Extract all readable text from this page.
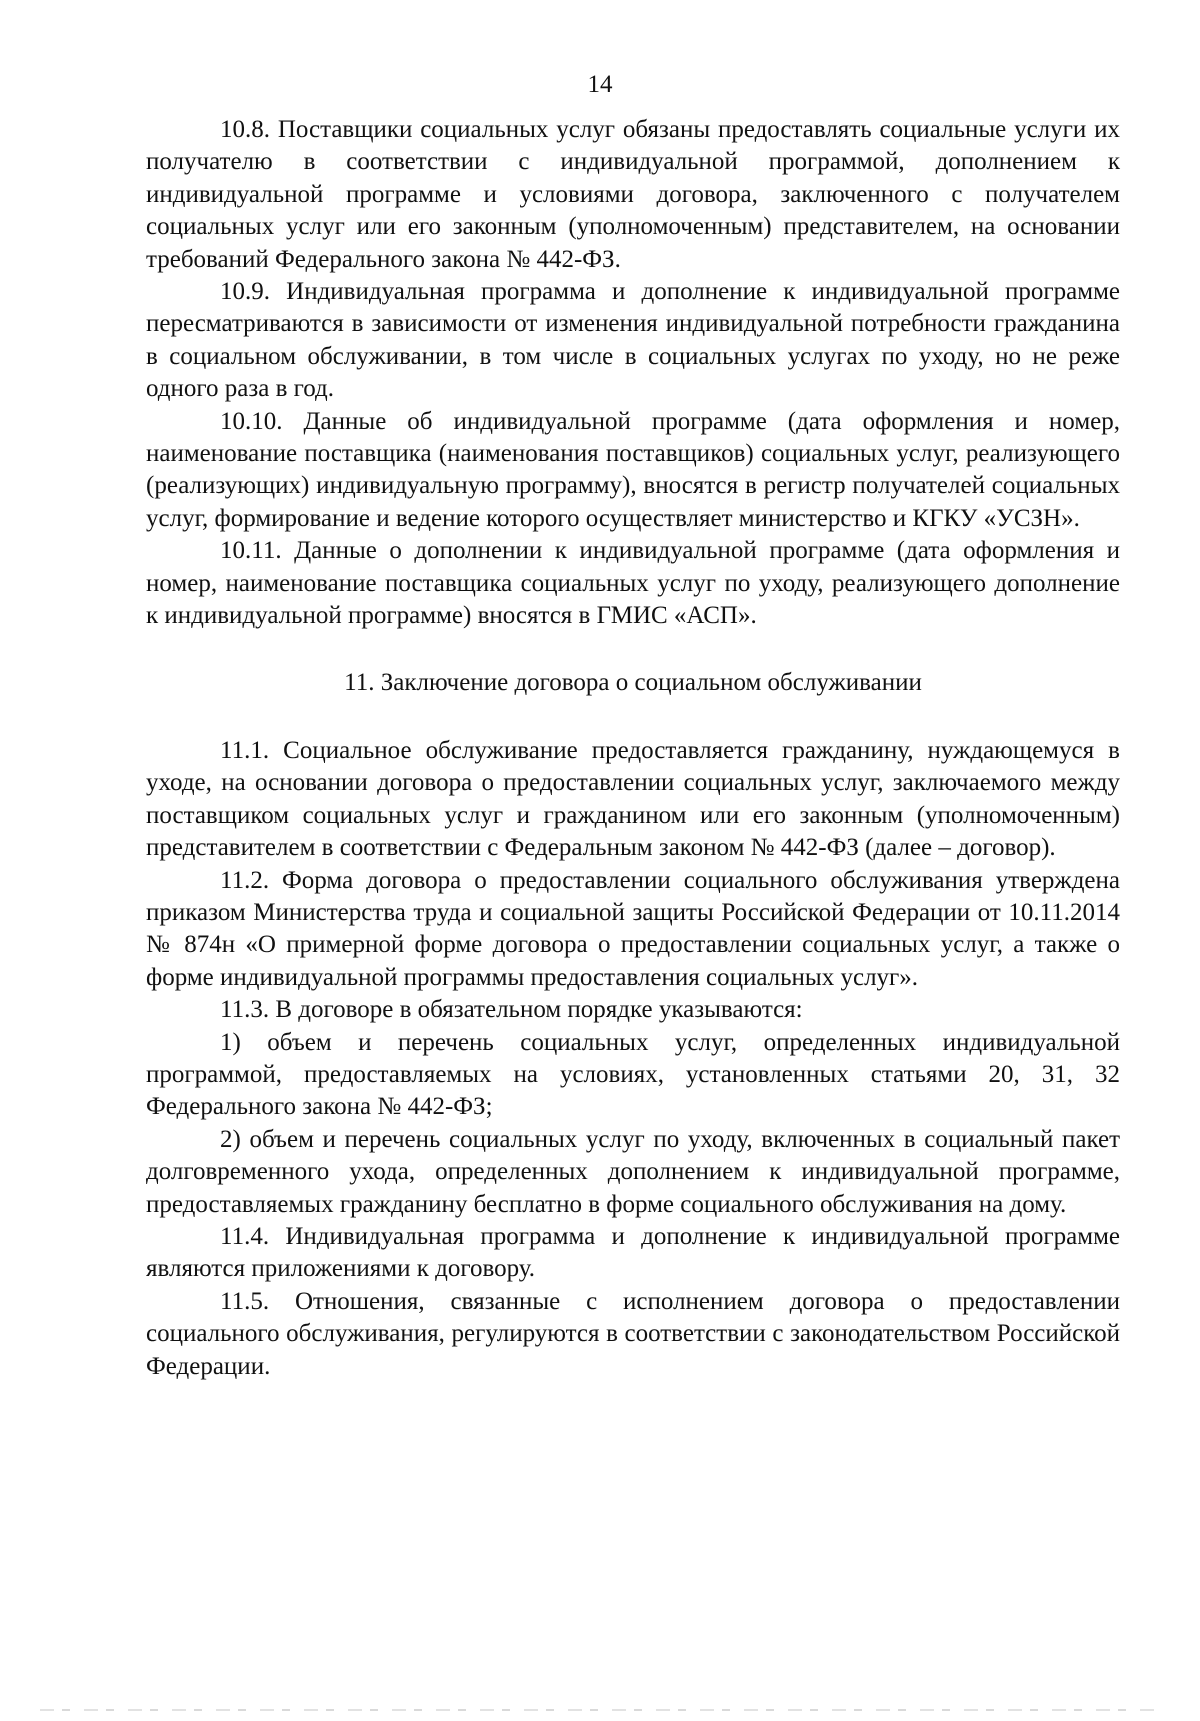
14

10.8. Поставщики социальных услуг обязаны предоставлять социальные услуги их получателю в соответствии с индивидуальной программой, дополнением к индивидуальной программе и условиями договора, заключенного с получателем социальных услуг или его законным (уполномоченным) представителем, на основании требований Федерального закона № 442-ФЗ.

10.9. Индивидуальная программа и дополнение к индивидуальной программе пересматриваются в зависимости от изменения индивидуальной потребности гражданина в социальном обслуживании, в том числе в социальных услугах по уходу, но не реже одного раза в год.

10.10. Данные об индивидуальной программе (дата оформления и номер, наименование поставщика (наименования поставщиков) социальных услуг, реализующего (реализующих) индивидуальную программу), вносятся в регистр получателей социальных услуг, формирование и ведение которого осуществляет министерство и КГКУ «УСЗН».

10.11. Данные о дополнении к индивидуальной программе (дата оформления и номер, наименование поставщика социальных услуг по уходу, реализующего дополнение к индивидуальной программе) вносятся в ГМИС «АСП».

11. Заключение договора о социальном обслуживании

11.1. Социальное обслуживание предоставляется гражданину, нуждающемуся в уходе, на основании договора о предоставлении социальных услуг, заключаемого между поставщиком социальных услуг и гражданином или его законным (уполномоченным) представителем в соответствии с Федеральным законом № 442-ФЗ (далее – договор).

11.2. Форма договора о предоставлении социального обслуживания утверждена приказом Министерства труда и социальной защиты Российской Федерации от 10.11.2014 № 874н «О примерной форме договора о предоставлении социальных услуг, а также о форме индивидуальной программы предоставления социальных услуг».

11.3. В договоре в обязательном порядке указываются:

1) объем и перечень социальных услуг, определенных индивидуальной программой, предоставляемых на условиях, установленных статьями 20, 31, 32 Федерального закона № 442-ФЗ;

2) объем и перечень социальных услуг по уходу, включенных в социальный пакет долговременного ухода, определенных дополнением к индивидуальной программе, предоставляемых гражданину бесплатно в форме социального обслуживания на дому.

11.4. Индивидуальная программа и дополнение к индивидуальной программе являются приложениями к договору.

11.5. Отношения, связанные с исполнением договора о предоставлении социального обслуживания, регулируются в соответствии с законодательством Российской Федерации.
